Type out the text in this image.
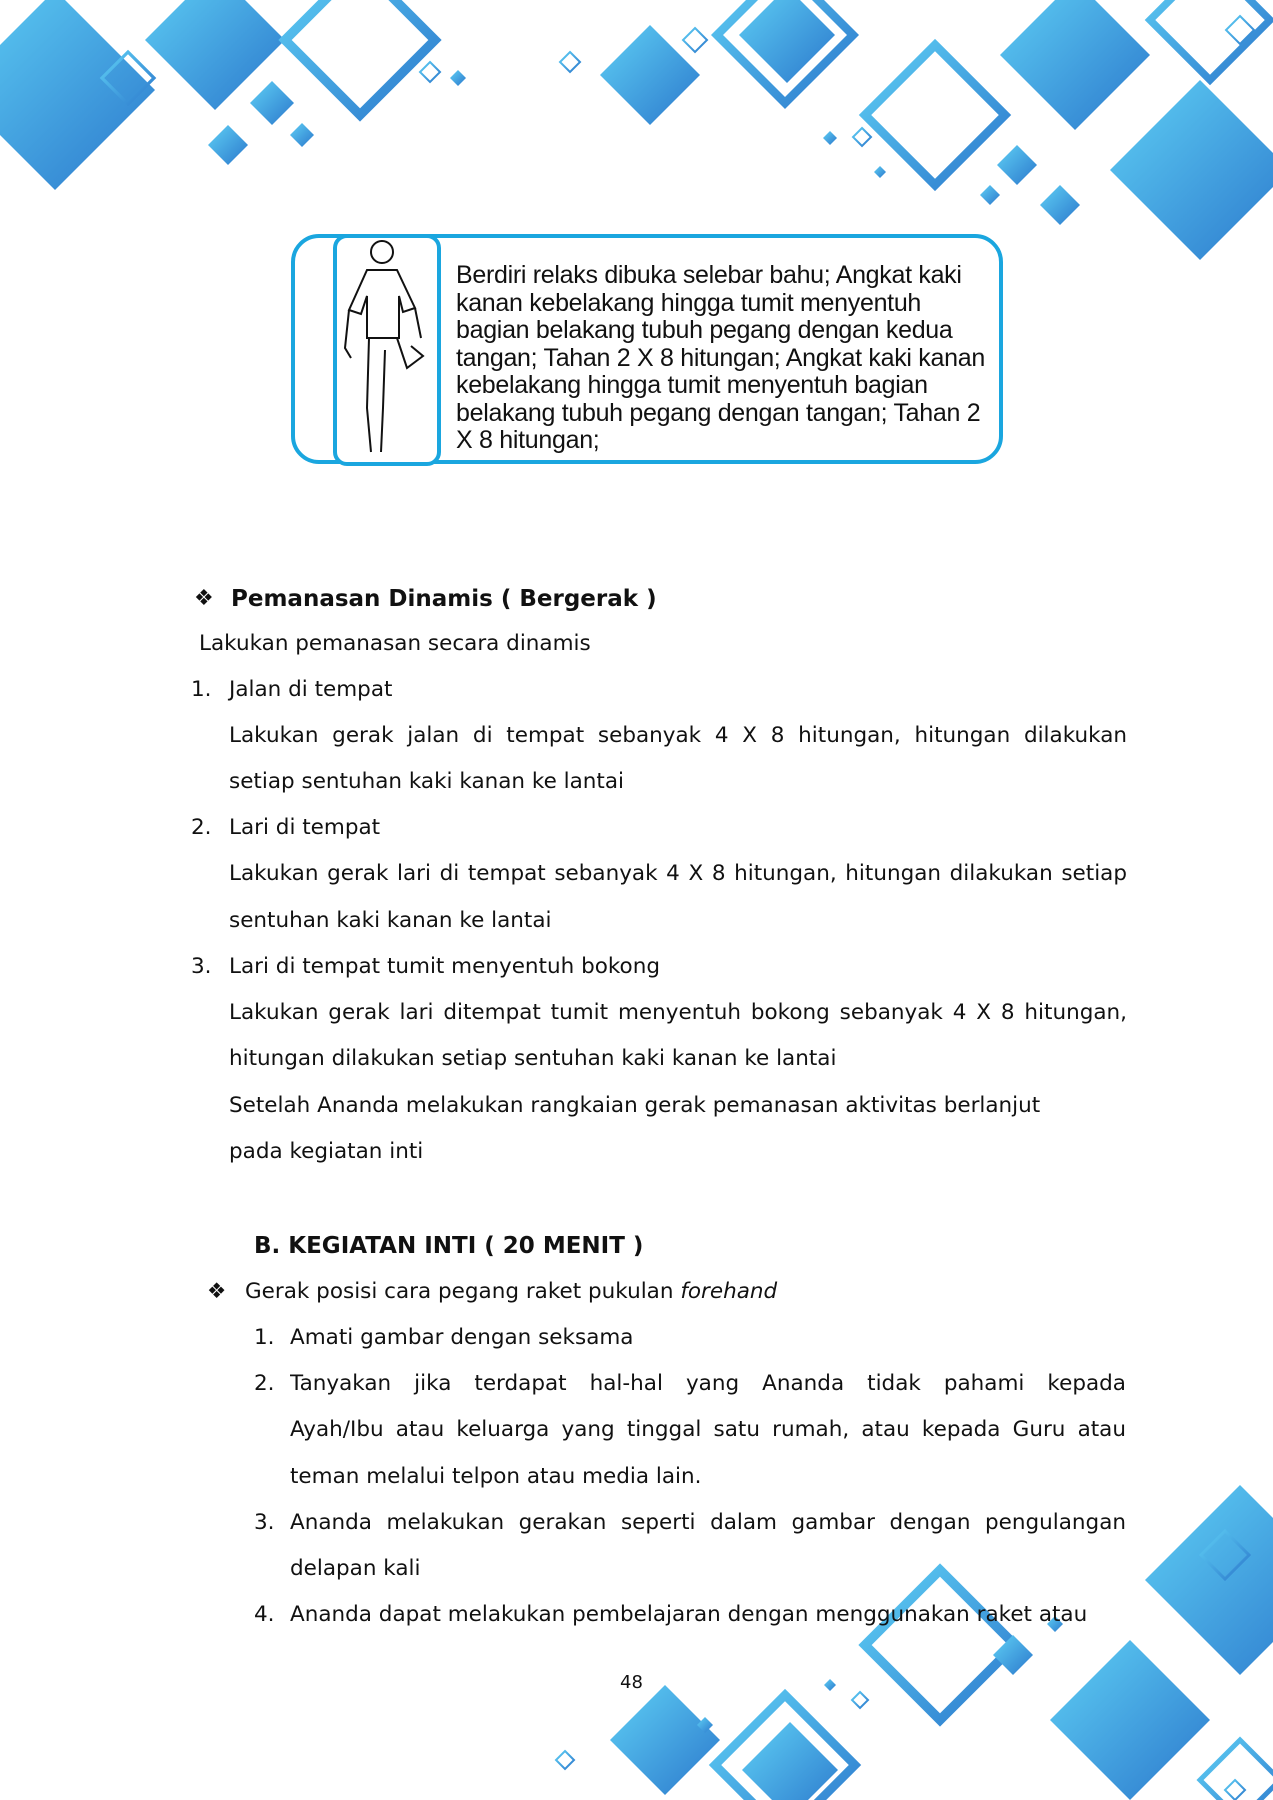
Berdiri relaks dibuka selebar bahu; Angkat kaki kanan kebelakang hingga tumit menyentuh bagian belakang tubuh pegang dengan kedua tangan; Tahan 2 X 8 hitungan; Angkat kaki kanan kebelakang hingga tumit menyentuh bagian belakang tubuh pegang dengan tangan; Tahan 2 X 8 hitungan;
❖ Pemanasan Dinamis ( Bergerak )
Lakukan pemanasan secara dinamis
1. Jalan di tempat
Lakukan gerak jalan di tempat sebanyak 4 X 8 hitungan, hitungan dilakukan
setiap sentuhan kaki kanan ke lantai
2. Lari di tempat
Lakukan gerak lari di tempat sebanyak 4 X 8 hitungan, hitungan dilakukan setiap
sentuhan kaki kanan ke lantai
3. Lari di tempat tumit menyentuh bokong
Lakukan gerak lari ditempat tumit menyentuh bokong sebanyak 4 X 8 hitungan,
hitungan dilakukan setiap sentuhan kaki kanan ke lantai
Setelah Ananda melakukan rangkaian gerak pemanasan aktivitas berlanjut
pada kegiatan inti
B. KEGIATAN INTI ( 20 MENIT )
❖ Gerak posisi cara pegang raket pukulan forehand
1. Amati gambar dengan seksama
2. Tanyakan jika terdapat hal-hal yang Ananda tidak pahami kepada
Ayah/Ibu atau keluarga yang tinggal satu rumah, atau kepada Guru atau
teman melalui telpon atau media lain.
3. Ananda melakukan gerakan seperti dalam gambar dengan pengulangan
delapan kali
4. Ananda dapat melakukan pembelajaran dengan menggunakan raket atau
48
